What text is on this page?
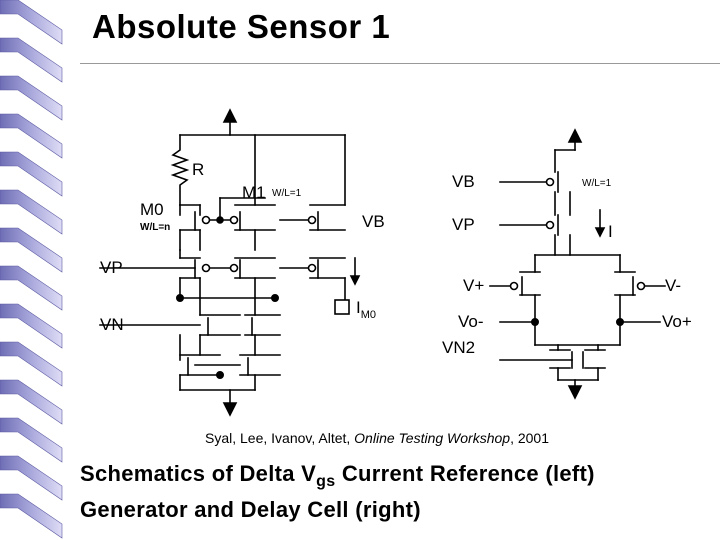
Absolute Sensor 1
R
M0
W/L=n
M1 W/L=1
VB
VP
VN
$I_{M0}$
VB
VP
W/L=1
I
V+	V-
Vo-	Vo+
VN2
Syal, Lee, Ivanov, Altet, Online Testing Workshop, 2001
Schematics of Delta $V_{gs}$ Current Reference (left)
Generator and Delay Cell (right)
